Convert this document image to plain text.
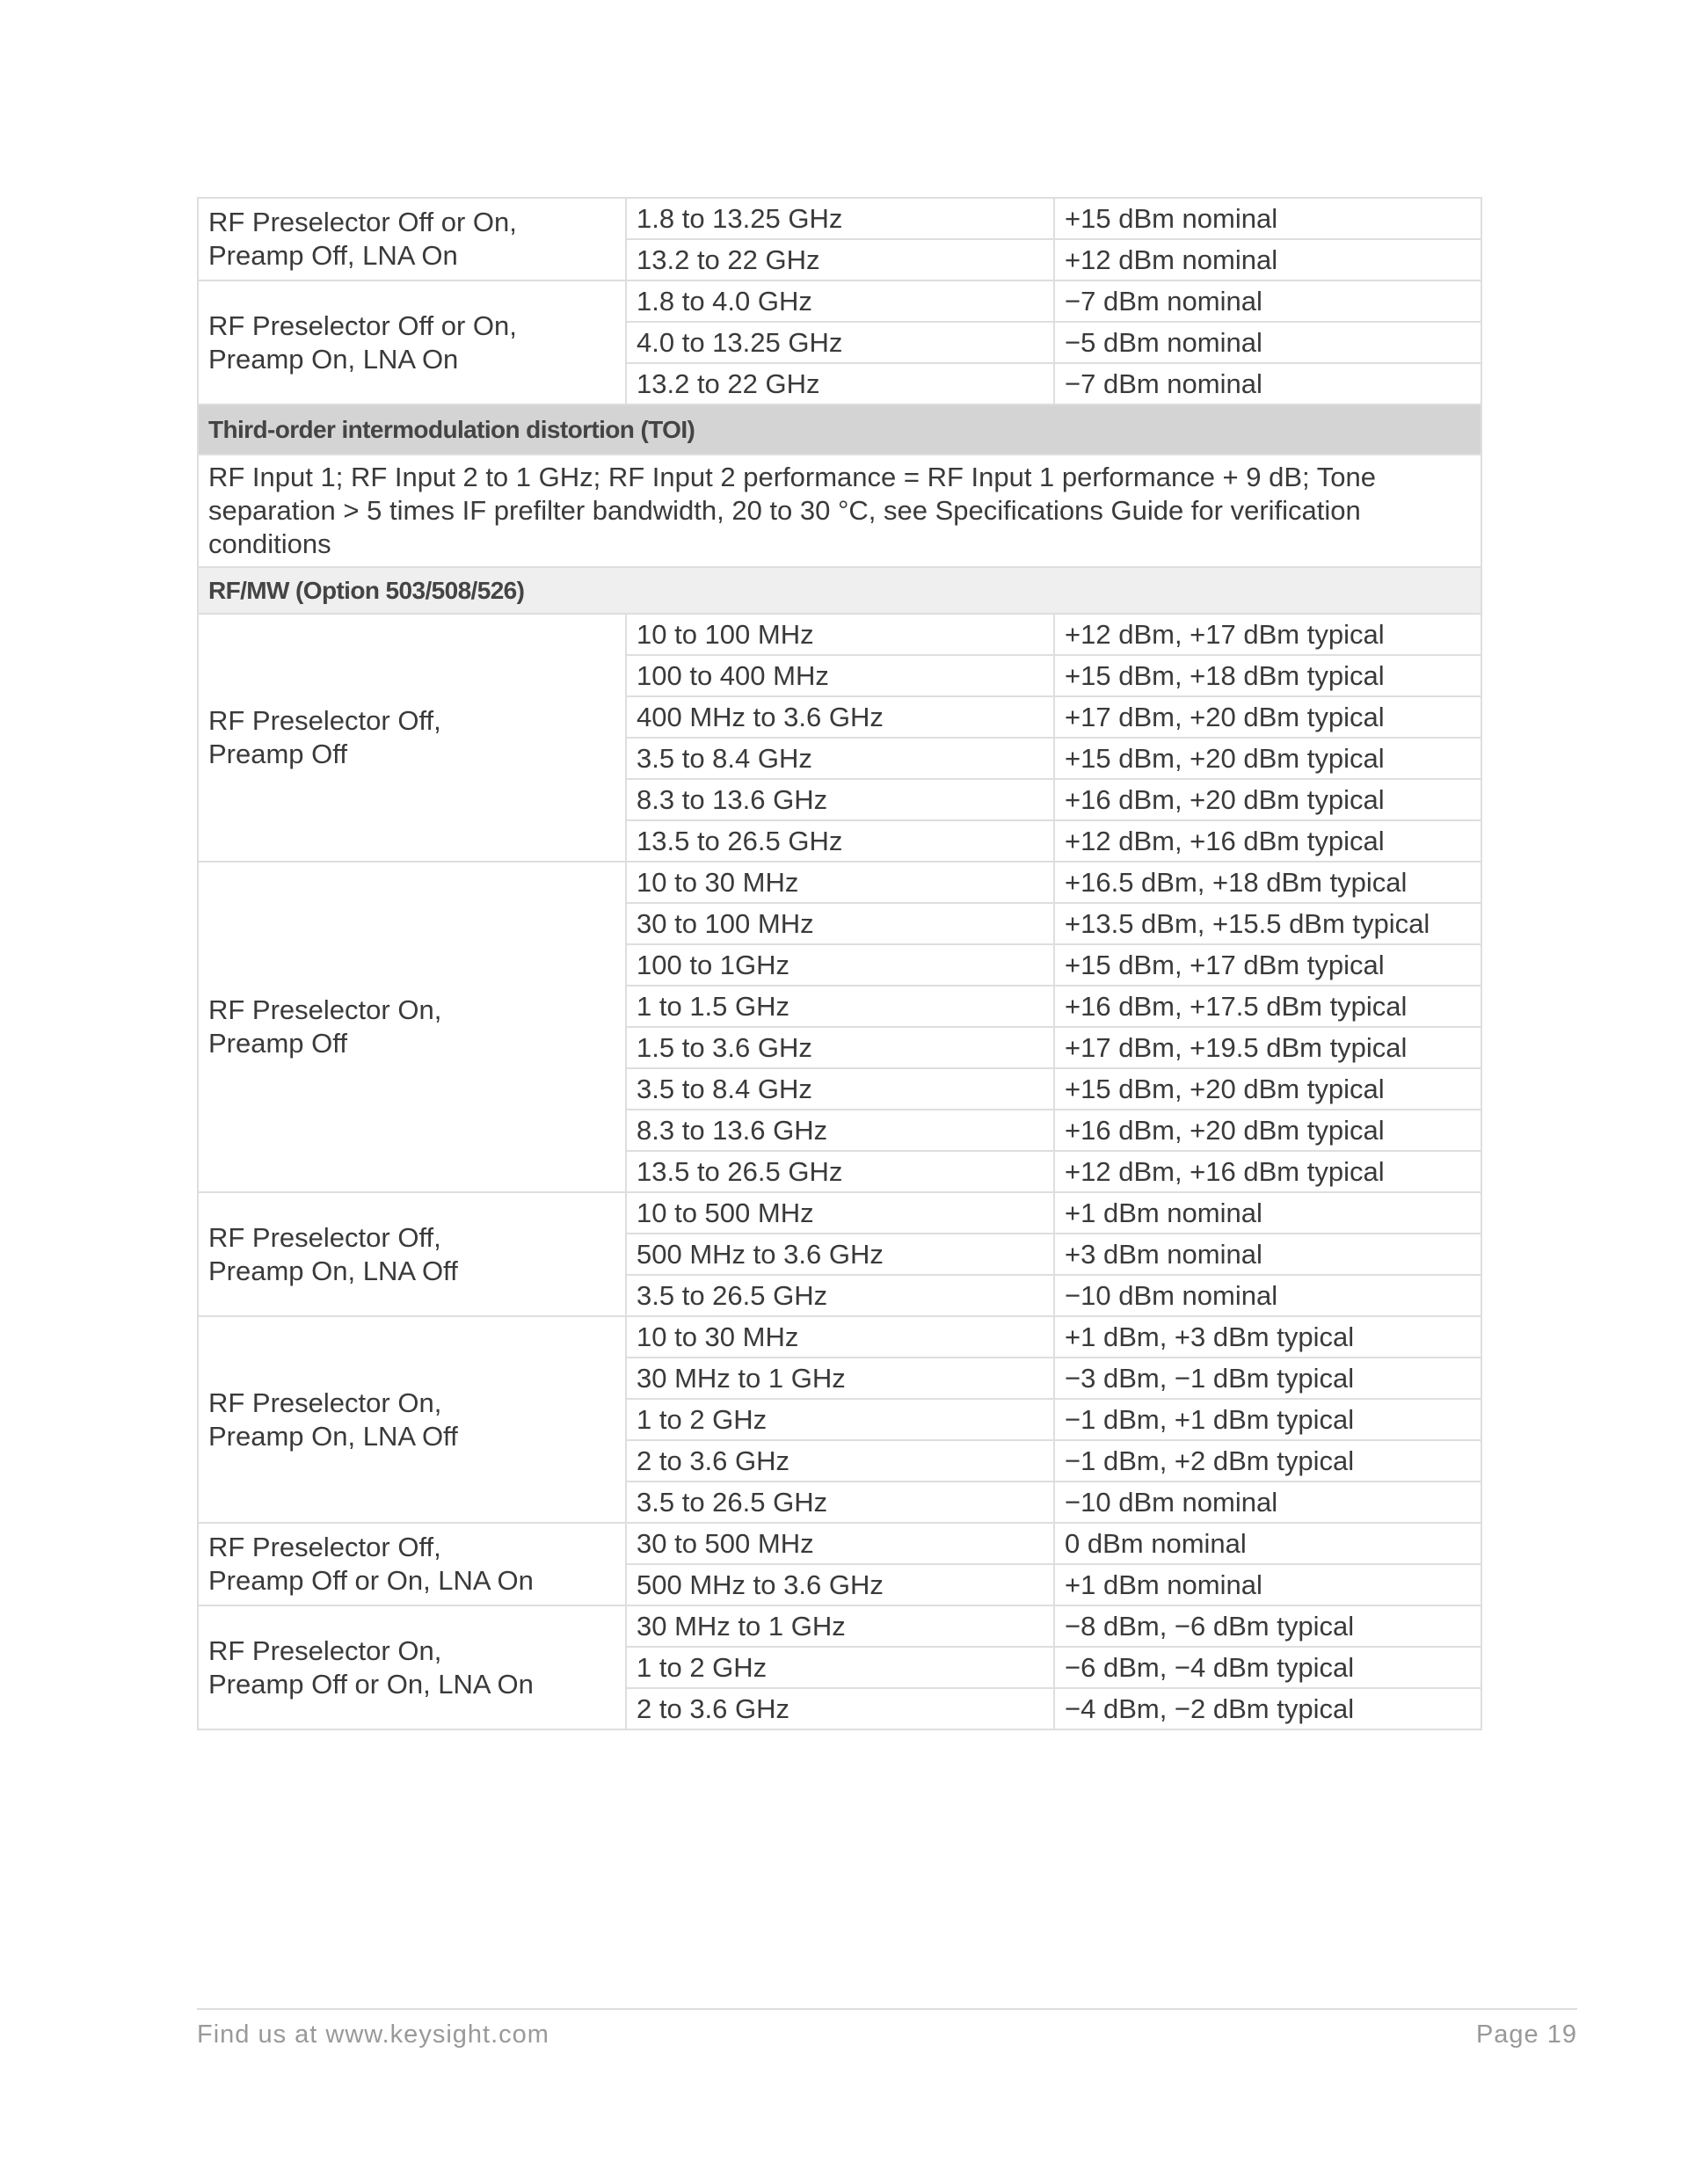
RF Preselector Off or On,
Preamp Off, LNA On	1.8 to 13.25 GHz	+15 dBm nominal
	13.2 to 22 GHz	+12 dBm nominal
RF Preselector Off or On,
Preamp On, LNA On	1.8 to 4.0 GHz	−7 dBm nominal
	4.0 to 13.25 GHz	−5 dBm nominal
	13.2 to 22 GHz	−7 dBm nominal
Third-order intermodulation distortion (TOI)		
RF Input 1; RF Input 2 to 1 GHz; RF Input 2 performance = RF Input 1 performance + 9 dB; Tone separation > 5 times IF prefilter bandwidth, 20 to 30 °C, see Specifications Guide for verification conditions		
RF/MW (Option 503/508/526)		
RF Preselector Off,
Preamp Off	10 to 100 MHz	+12 dBm, +17 dBm typical
	100 to 400 MHz	+15 dBm, +18 dBm typical
	400 MHz to 3.6 GHz	+17 dBm, +20 dBm typical
	3.5 to 8.4 GHz	+15 dBm, +20 dBm typical
	8.3 to 13.6 GHz	+16 dBm, +20 dBm typical
	13.5 to 26.5 GHz	+12 dBm, +16 dBm typical
RF Preselector On,
Preamp Off	10 to 30 MHz	+16.5 dBm, +18 dBm typical
	30 to 100 MHz	+13.5 dBm, +15.5 dBm typical
	100 to 1GHz	+15 dBm, +17 dBm typical
	1 to 1.5 GHz	+16 dBm, +17.5 dBm typical
	1.5 to 3.6 GHz	+17 dBm, +19.5 dBm typical
	3.5 to 8.4 GHz	+15 dBm, +20 dBm typical
	8.3 to 13.6 GHz	+16 dBm, +20 dBm typical
	13.5 to 26.5 GHz	+12 dBm, +16 dBm typical
RF Preselector Off,
Preamp On, LNA Off	10 to 500 MHz	+1 dBm nominal
	500 MHz to 3.6 GHz	+3 dBm nominal
	3.5 to 26.5 GHz	−10 dBm nominal
RF Preselector On,
Preamp On, LNA Off	10 to 30 MHz	+1 dBm, +3 dBm typical
	30 MHz to 1 GHz	−3 dBm, −1 dBm typical
	1 to 2 GHz	−1 dBm, +1 dBm typical
	2 to 3.6 GHz	−1 dBm, +2 dBm typical
	3.5 to 26.5 GHz	−10 dBm nominal
RF Preselector Off,
Preamp Off or On, LNA On	30 to 500 MHz	0 dBm nominal
	500 MHz to 3.6 GHz	+1 dBm nominal
RF Preselector On,
Preamp Off or On, LNA On	30 MHz to 1 GHz	−8 dBm, −6 dBm typical
	1 to 2 GHz	−6 dBm, −4 dBm typical
	2 to 3.6 GHz	−4 dBm, −2 dBm typical
Find us at www.keysight.com	Page 19
